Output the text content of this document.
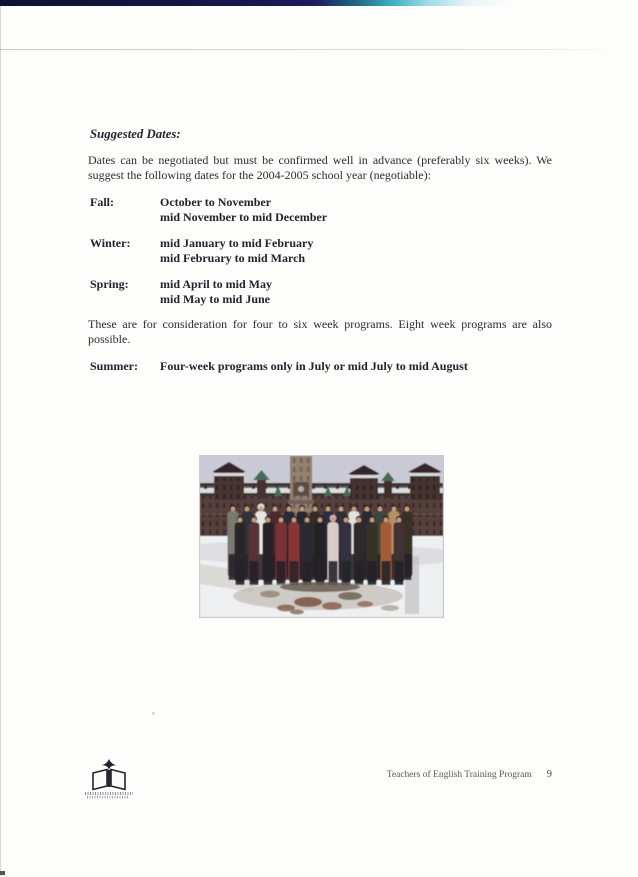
Suggested Dates:
Dates can be negotiated but must be confirmed well in advance (preferably six weeks). We
suggest the following dates for the 2004-2005 school year (negotiable):
Fall:	October to November
mid November to mid December
Winter: mid January to mid February
mid February to mid March
Spring:	mid April to mid May
mid May to mid June
These are for consideration for four to six week programs. Eight week programs are also
possible.
Summer: Four-week programs only in July or mid July to mid August
Teachers of English Training Program 9
